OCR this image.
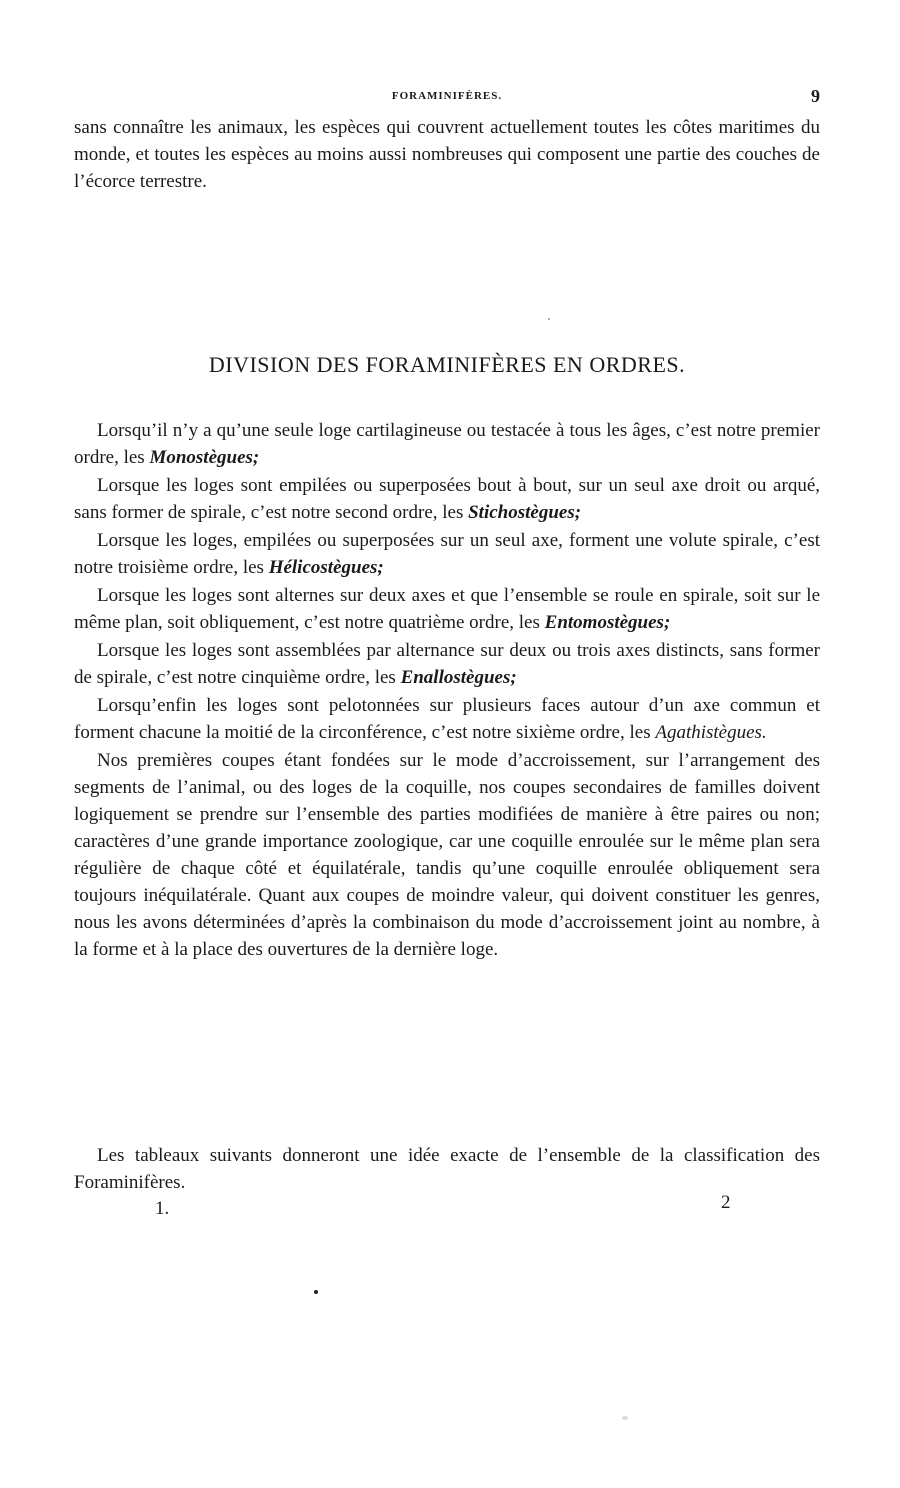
FORAMINIFÈRES.	9

sans connaître les animaux, les espèces qui couvrent actuellement toutes les côtes maritimes du monde, et toutes les espèces au moins aussi nombreuses qui composent une partie des couches de l’écorce terrestre.

DIVISION DES FORAMINIFÈRES EN ORDRES.

Lorsqu’il n’y a qu’une seule loge cartilagineuse ou testacée à tous les âges, c’est notre premier ordre, les Monostègues;

Lorsque les loges sont empilées ou superposées bout à bout, sur un seul axe droit ou arqué, sans former de spirale, c’est notre second ordre, les Stichostègues;

Lorsque les loges, empilées ou superposées sur un seul axe, forment une volute spirale, c’est notre troisième ordre, les Hélicostègues;

Lorsque les loges sont alternes sur deux axes et que l’ensemble se roule en spirale, soit sur le même plan, soit obliquement, c’est notre quatrième ordre, les Entomostègues;

Lorsque les loges sont assemblées par alternance sur deux ou trois axes distincts, sans former de spirale, c’est notre cinquième ordre, les Enallostègues;

Lorsqu’enfin les loges sont pelotonnées sur plusieurs faces autour d’un axe commun et forment chacune la moitié de la circonférence, c’est notre sixième ordre, les Agathistègues.

Nos premières coupes étant fondées sur le mode d’accroissement, sur l’arrangement des segments de l’animal, ou des loges de la coquille, nos coupes secondaires de familles doivent logiquement se prendre sur l’ensemble des parties modifiées de manière à être paires ou non; caractères d’une grande importance zoologique, car une coquille enroulée sur le même plan sera régulière de chaque côté et équilatérale, tandis qu’une coquille enroulée obliquement sera toujours inéquilatérale. Quant aux coupes de moindre valeur, qui doivent constituer les genres, nous les avons déterminées d’après la combinaison du mode d’accroissement joint au nombre, à la forme et à la place des ouvertures de la dernière loge.

Les tableaux suivants donneront une idée exacte de l’ensemble de la classification des Foraminifères.

1.	2
